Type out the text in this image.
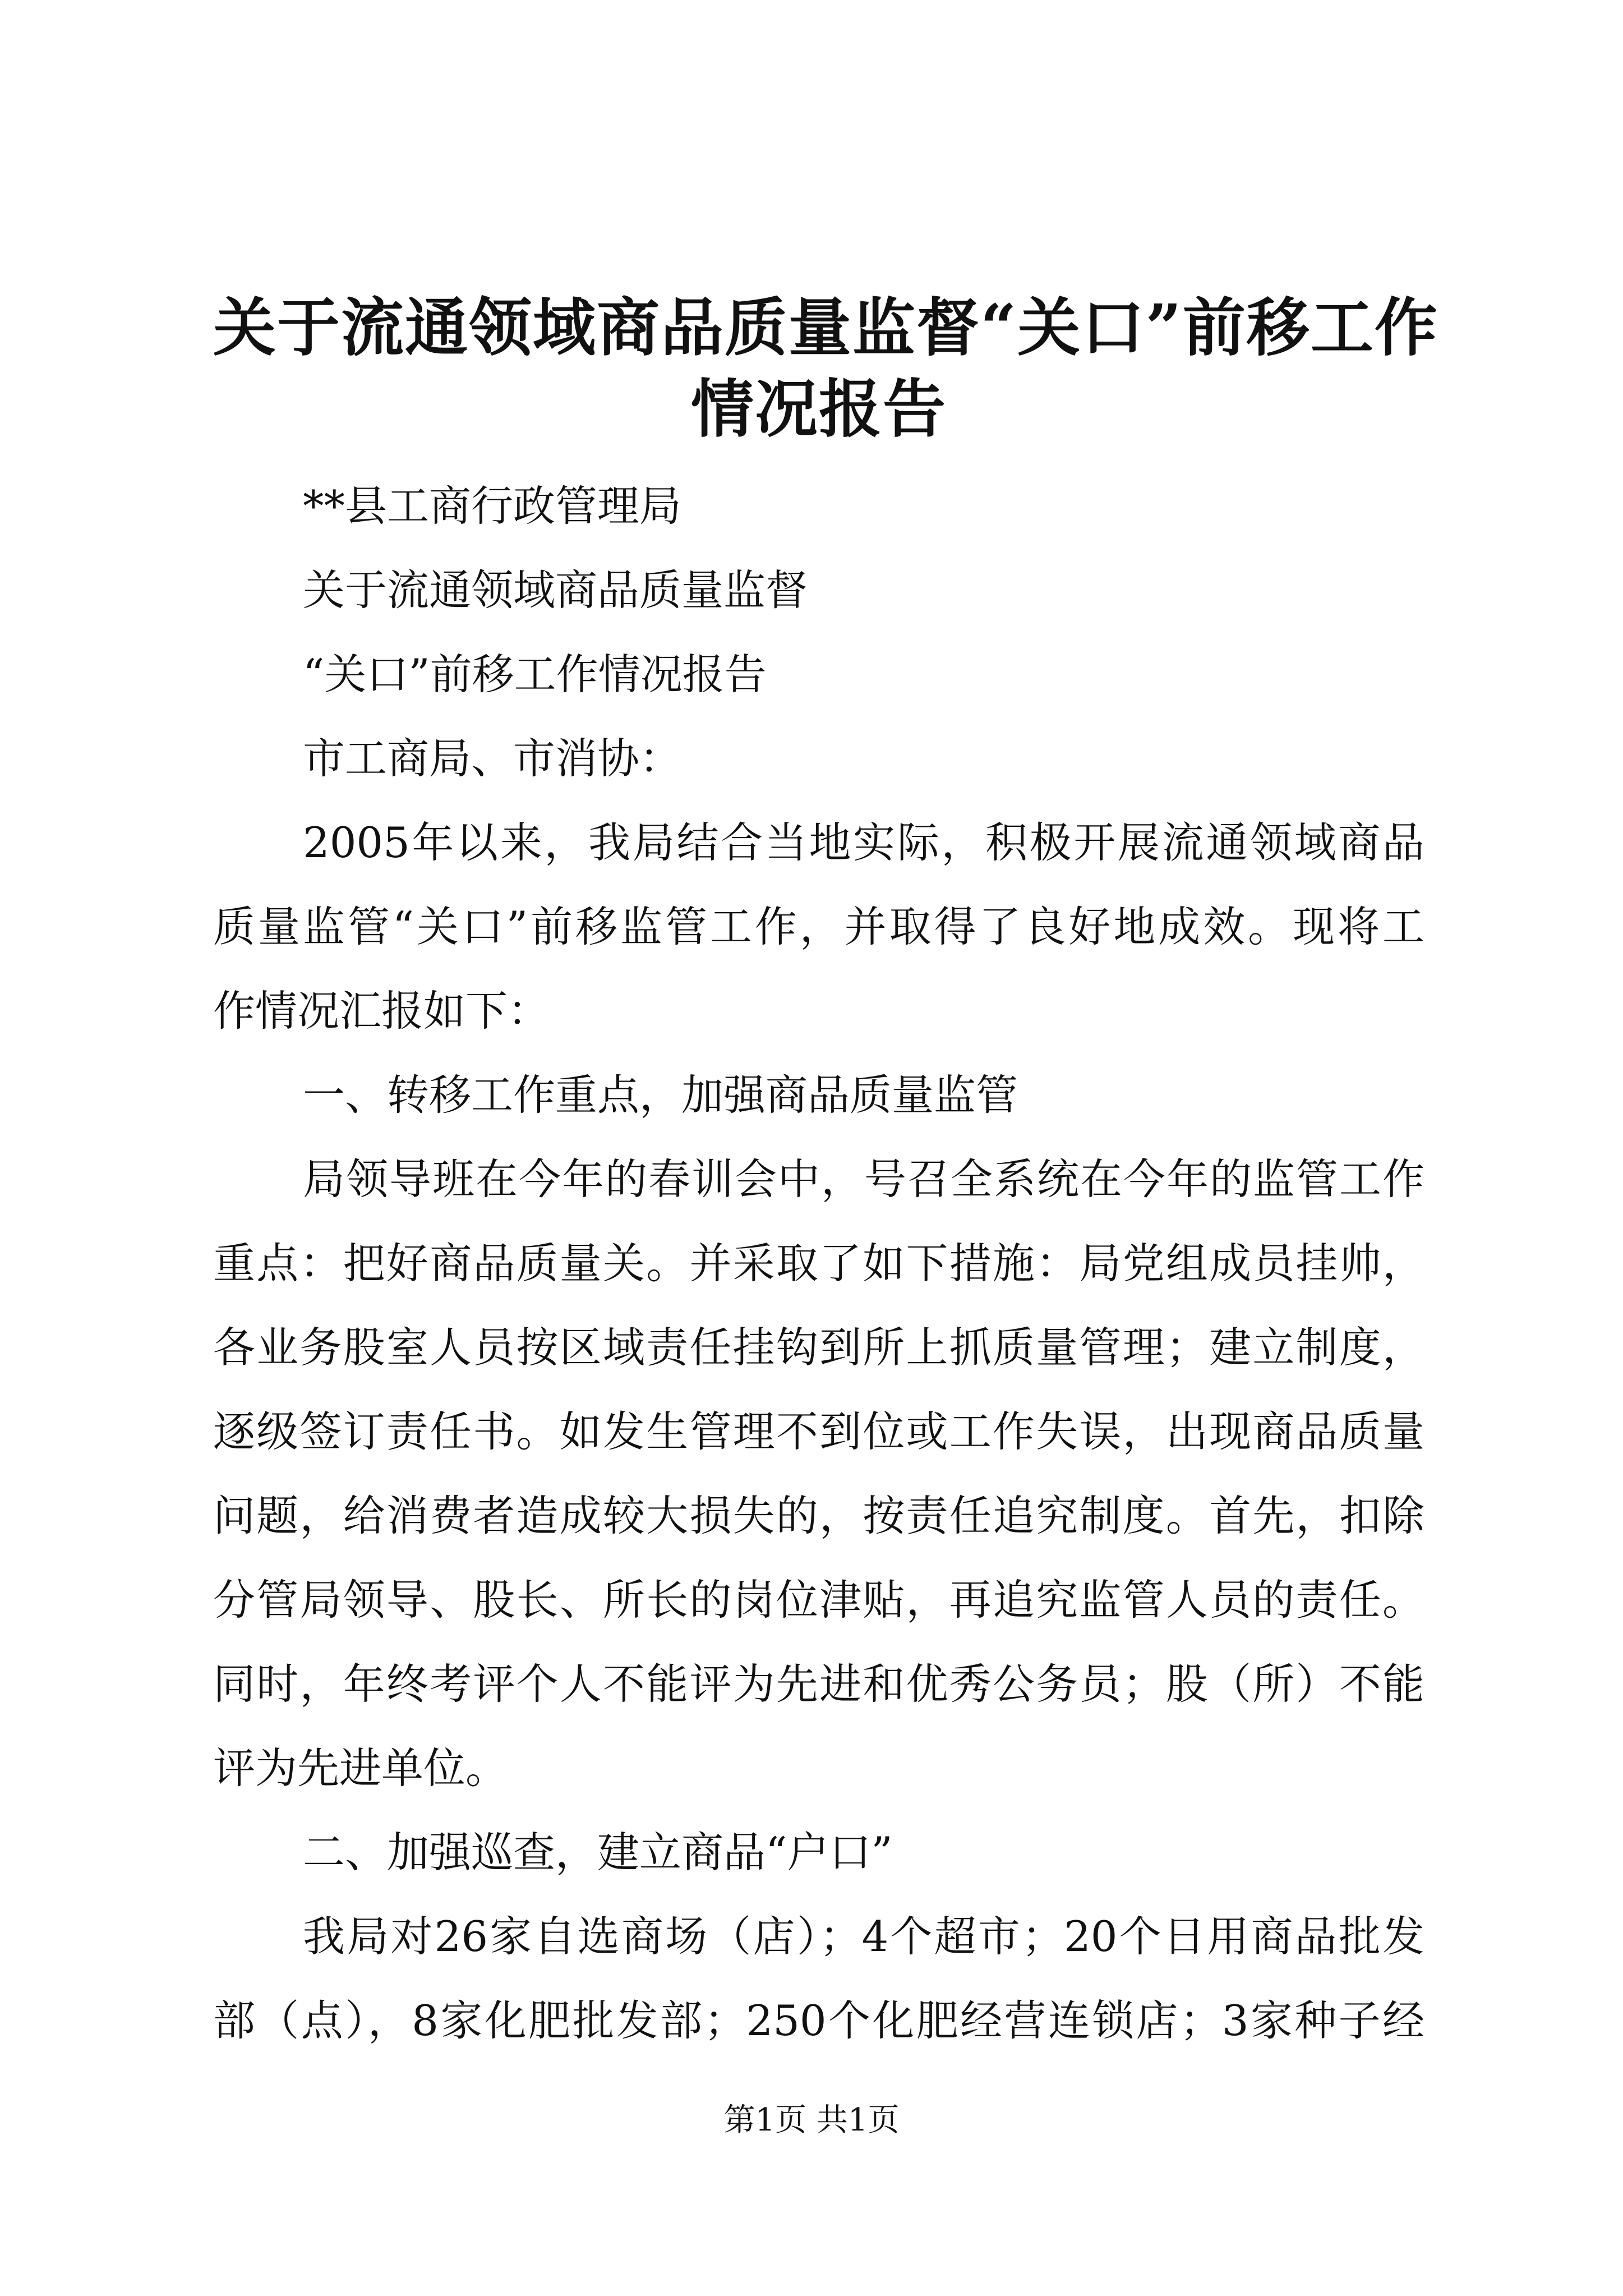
关于流通领域商品质量监督“关口”前移工作
情况报告
**县工商行政管理局
关于流通领域商品质量监督
“关口”前移工作情况报告
市工商局、市消协：
2005年以来，我局结合当地实际，积极开展流通领域商品
质量监管“关口”前移监管工作，并取得了良好地成效。现将工
作情况汇报如下：
一、转移工作重点，加强商品质量监管
局领导班在今年的春训会中，号召全系统在今年的监管工作
重点：把好商品质量关。并采取了如下措施：局党组成员挂帅，
各业务股室人员按区域责任挂钩到所上抓质量管理；建立制度，
逐级签订责任书。如发生管理不到位或工作失误，出现商品质量
问题，给消费者造成较大损失的，按责任追究制度。首先，扣除
分管局领导、股长、所长的岗位津贴，再追究监管人员的责任。
同时，年终考评个人不能评为先进和优秀公务员；股（所）不能
评为先进单位。
二、加强巡查，建立商品“户口”
我局对26家自选商场（店）；4个超市；20个日用商品批发
部（点），8家化肥批发部；250个化肥经营连锁店；3家种子经
第1页 共1页
